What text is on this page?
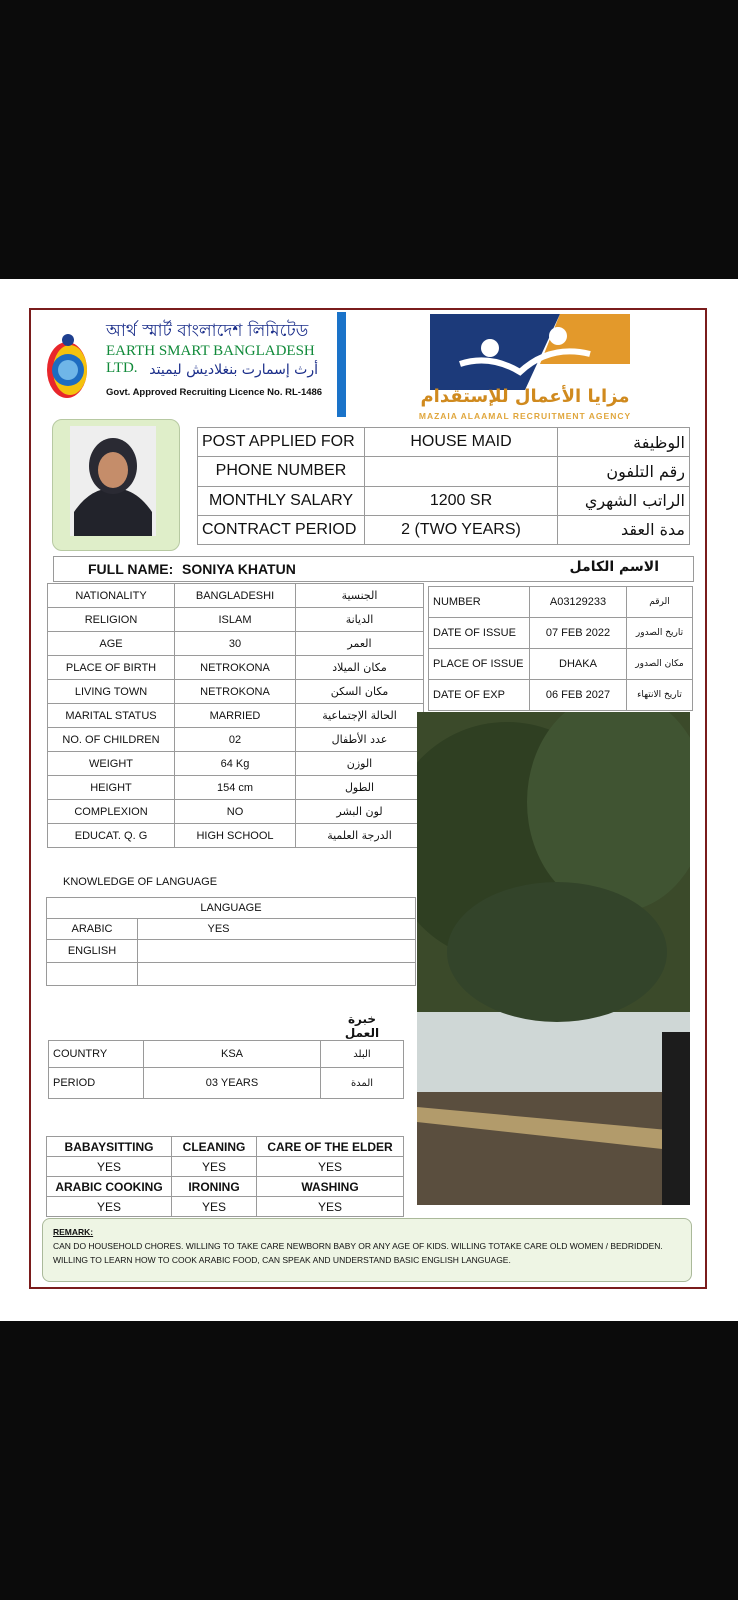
আর্থ স্মার্ট বাংলাদেশ লিমিটেড
EARTH SMART BANGLADESH LTD. أرث إسمارت بنغلاديش ليميتد
Govt. Approved Recruiting Licence No. RL-1486	مزايا الأعمال للإستقدام
MAZAIA ALAAMAL RECRUITMENT AGENCY
POST APPLIED FOR	HOUSE MAID	الوظيفة
PHONE NUMBER		رقم التلفون
MONTHLY SALARY	1200 SR	الراتب الشهري
CONTRACT PERIOD	2 (TWO YEARS)	مدة العقد
FULL NAME: SONIYA KHATUN	الاسم الكامل
NATIONALITY	BANGLADESHI	الجنسية
RELIGION	ISLAM	الديانة
AGE	30	العمر
PLACE OF BIRTH	NETROKONA	مكان الميلاد
LIVING TOWN	NETROKONA	مكان السكن
MARITAL STATUS	MARRIED	الحالة الإجتماعية
NO. OF CHILDREN	02	عدد الأطفال
WEIGHT	64 Kg	الوزن
HEIGHT	154 cm	الطول
COMPLEXION	NO	لون البشر
EDUCAT. Q. G	HIGH SCHOOL	الدرجة العلمية
NUMBER	A03129233	الرقم
DATE OF ISSUE	07 FEB 2022	تاريخ الصدور
PLACE OF ISSUE	DHAKA	مكان الصدور
DATE OF EXP	06 FEB 2027	تاريخ الانتهاء
KNOWLEDGE OF LANGUAGE
LANGUAGE	
ARABIC	YES
ENGLISH	

خبرة العمل
COUNTRY	KSA	البلد
PERIOD	03 YEARS	المدة
BABAYSITTING	CLEANING	CARE OF THE ELDER
YES	YES	YES
ARABIC COOKING	IRONING	WASHING
YES	YES	YES
REMARK:
CAN DO HOUSEHOLD CHORES. WILLING TO TAKE CARE NEWBORN BABY OR ANY AGE OF KIDS. WILLING TOTAKE CARE OLD WOMEN / BEDRIDDEN. WILLING TO LEARN HOW TO COOK ARABIC FOOD, CAN SPEAK AND UNDERSTAND BASIC ENGLISH LANGUAGE.
